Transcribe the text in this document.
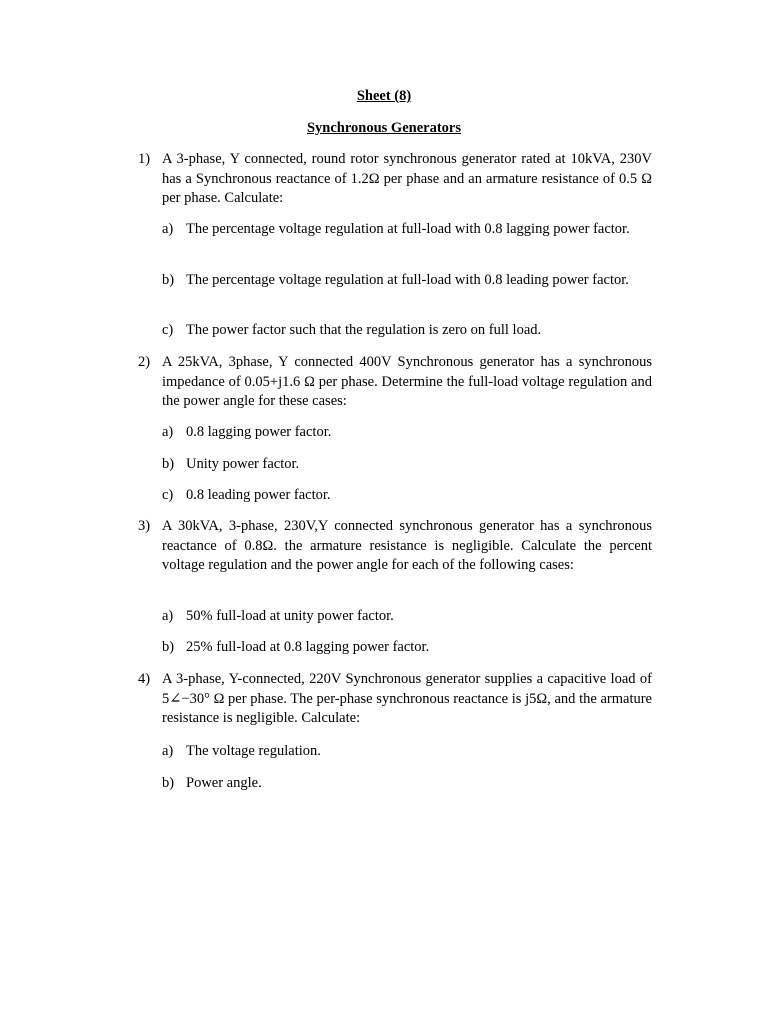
Sheet (8)
Synchronous Generators
1) A 3-phase, Y connected, round rotor synchronous generator rated at 10kVA, 230V has a Synchronous reactance of 1.2Ω per phase and an armature resistance of 0.5 Ω per phase. Calculate:
a) The percentage voltage regulation at full-load with 0.8 lagging power factor.
b) The percentage voltage regulation at full-load with 0.8 leading power factor.
c) The power factor such that the regulation is zero on full load.
2) A 25kVA, 3phase, Y connected 400V Synchronous generator has a synchronous impedance of 0.05+j1.6 Ω per phase. Determine the full-load voltage regulation and the power angle for these cases:
a) 0.8 lagging power factor.
b) Unity power factor.
c) 0.8 leading power factor.
3) A 30kVA, 3-phase, 230V,Y connected synchronous generator has a synchronous reactance of 0.8Ω. the armature resistance is negligible. Calculate the percent voltage regulation and the power angle for each of the following cases:
a) 50% full-load at unity power factor.
b) 25% full-load at 0.8 lagging power factor.
4) A 3-phase, Y-connected, 220V Synchronous generator supplies a capacitive load of 5∠−30° Ω per phase. The per-phase synchronous reactance is j5Ω, and the armature resistance is negligible. Calculate:
a) The voltage regulation.
b) Power angle.
